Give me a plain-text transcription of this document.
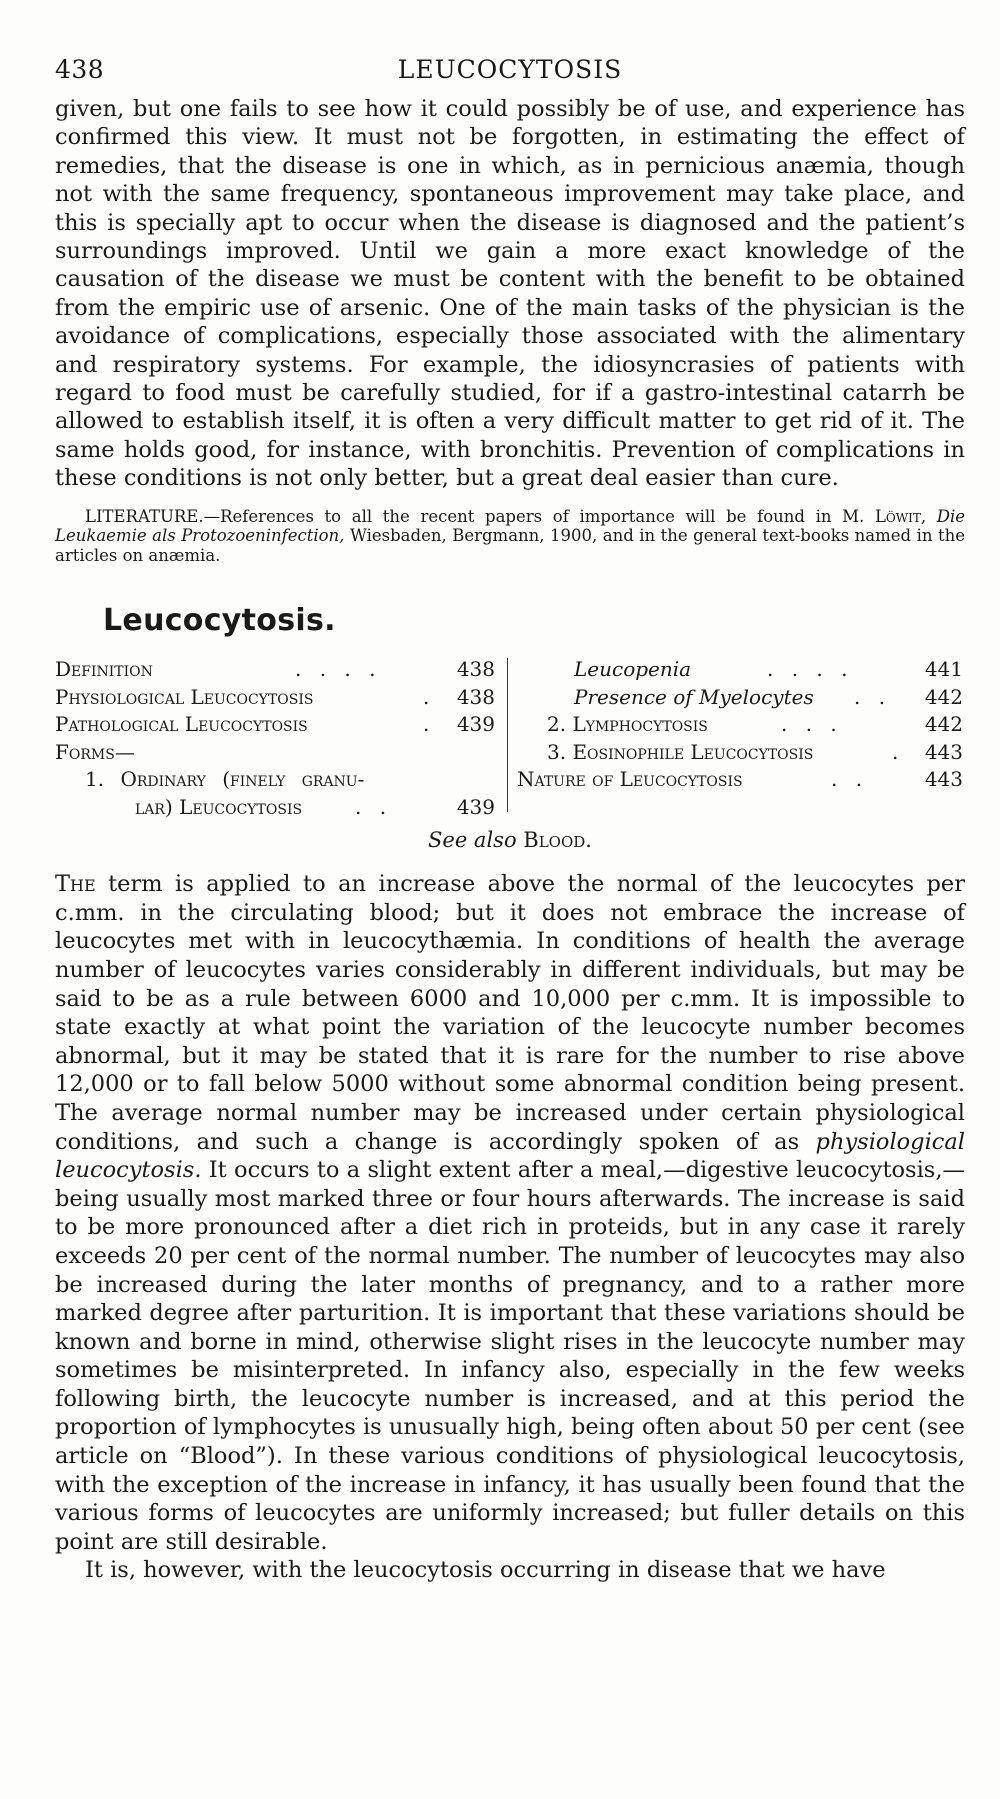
438	LEUCOCYTOSIS

given, but one fails to see how it could possibly be of use, and experience has confirmed this view. It must not be forgotten, in estimating the effect of remedies, that the disease is one in which, as in pernicious anæmia, though not with the same frequency, spontaneous improvement may take place, and this is specially apt to occur when the disease is diagnosed and the patient’s surroundings improved. Until we gain a more exact knowledge of the causation of the disease we must be content with the benefit to be obtained from the empiric use of arsenic. One of the main tasks of the physician is the avoidance of complications, especially those associated with the alimentary and respiratory systems. For example, the idiosyncrasies of patients with regard to food must be carefully studied, for if a gastro-intestinal catarrh be allowed to establish itself, it is often a very difficult matter to get rid of it. The same holds good, for instance, with bronchitis. Prevention of complications in these conditions is not only better, but a great deal easier than cure.

LITERATURE.—References to all the recent papers of importance will be found in M. Löwit, Die Leukaemie als Protozoeninfection, Wiesbaden, Bergmann, 1900, and in the general text-books named in the articles on anæmia.

Leucocytosis.
Definition	. . . .	438
Physiological Leucocytosis	. 438
Pathological Leucocytosis	. 439
Forms—
1. Ordinary (finely granu-
lar) Leucocytosis	. .	439
Leucopenia	. . . .	441
Presence of Myelocytes . . 442
2. Lymphocytosis	. . .	442
3. Eosinophile Leucocytosis	. 443
Nature of Leucocytosis	. .	443
See also Blood.

The term is applied to an increase above the normal of the leucocytes per c.mm. in the circulating blood; but it does not embrace the increase of leucocytes met with in leucocythæmia. In conditions of health the average number of leucocytes varies considerably in different individuals, but may be said to be as a rule between 6000 and 10,000 per c.mm. It is impossible to state exactly at what point the variation of the leucocyte number becomes abnormal, but it may be stated that it is rare for the number to rise above 12,000 or to fall below 5000 without some abnormal condition being present. The average normal number may be increased under certain physiological conditions, and such a change is accordingly spoken of as physiological leucocytosis. It occurs to a slight extent after a meal,—digestive leucocytosis,—being usually most marked three or four hours afterwards. The increase is said to be more pronounced after a diet rich in proteids, but in any case it rarely exceeds 20 per cent of the normal number. The number of leucocytes may also be increased during the later months of pregnancy, and to a rather more marked degree after parturition. It is important that these variations should be known and borne in mind, otherwise slight rises in the leucocyte number may sometimes be misinterpreted. In infancy also, especially in the few weeks following birth, the leucocyte number is increased, and at this period the proportion of lymphocytes is unusually high, being often about 50 per cent (see article on “Blood”). In these various conditions of physiological leucocytosis, with the exception of the increase in infancy, it has usually been found that the various forms of leucocytes are uniformly increased; but fuller details on this point are still desirable.

It is, however, with the leucocytosis occurring in disease that we have
